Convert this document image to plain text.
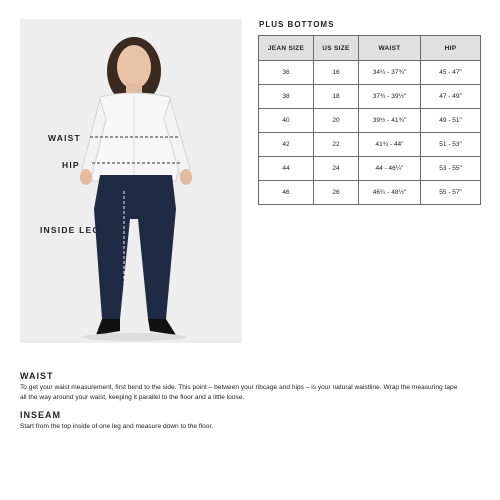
WAIST
HIP
INSIDE LEG
PLUS BOTTOMS
JEAN SIZE	US SIZE	WAIST	HIP
36	16	34¼ - 37¾"	45 - 47"
38	18	37¾ - 39½"	47 - 49"
40	20	39½ - 41¾"	49 - 51"
42	22	41¾ - 44"	51 - 53"
44	24	44 - 46¼"	53 - 55"
46	26	46¼ - 48½"	55 - 57"
WAIST
To get your waist measurement, first bend to the side. This point – between your ribcage and hips – is your natural waistline. Wrap the measuring tape all the way around your waist, keeping it parallel to the floor and a little loose.
INSEAM
Start from the top inside of one leg and measure down to the floor.
